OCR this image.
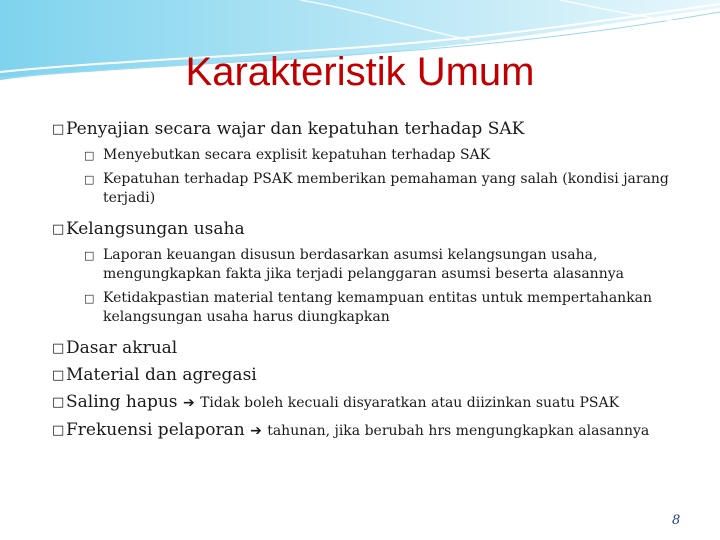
Karakteristik Umum
□ Penyajian secara wajar dan kepatuhan terhadap SAK
□ Menyebutkan secara explisit kepatuhan terhadap SAK
□ Kepatuhan terhadap PSAK memberikan pemahaman yang salah (kondisi jarang terjadi)
□ Kelangsungan usaha
□ Laporan keuangan disusun berdasarkan asumsi kelangsungan usaha, mengungkapkan fakta jika terjadi pelanggaran asumsi beserta alasannya
□ Ketidakpastian material tentang kemampuan entitas untuk mempertahankan kelangsungan usaha harus diungkapkan
□ Dasar akrual
□ Material dan agregasi
□ Saling hapus ➔ Tidak boleh kecuali disyaratkan atau diizinkan suatu PSAK
□ Frekuensi pelaporan ➔ tahunan, jika berubah hrs mengungkapkan alasannya
8
